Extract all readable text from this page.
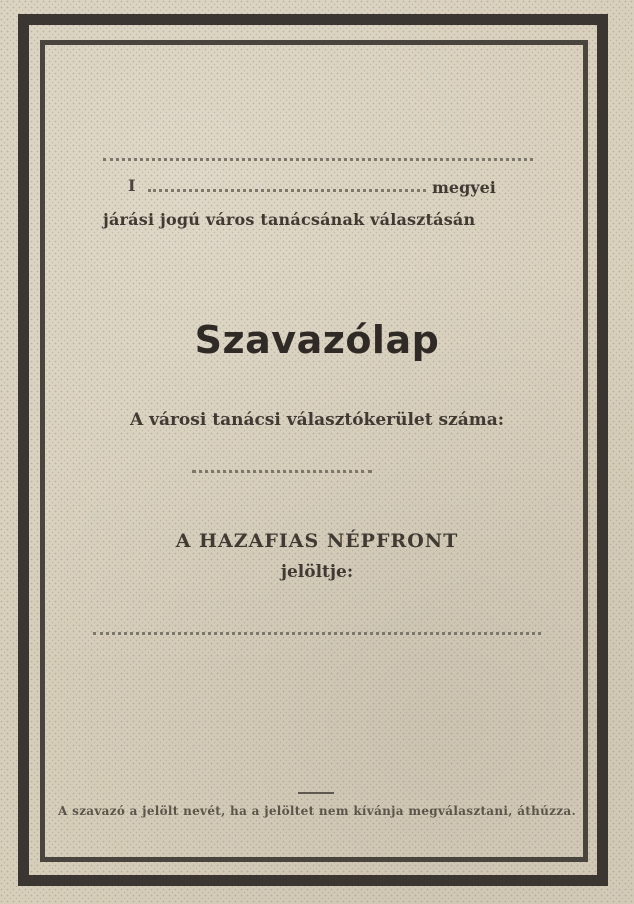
I	megyei
járási jogú város tanácsának választásán
Szavazólap
A városi tanácsi választókerület száma:
A HAZAFIAS NÉPFRONT
jelöltje:
A szavazó a jelölt nevét, ha a jelöltet nem kívánja megválasztani, áthúzza.
